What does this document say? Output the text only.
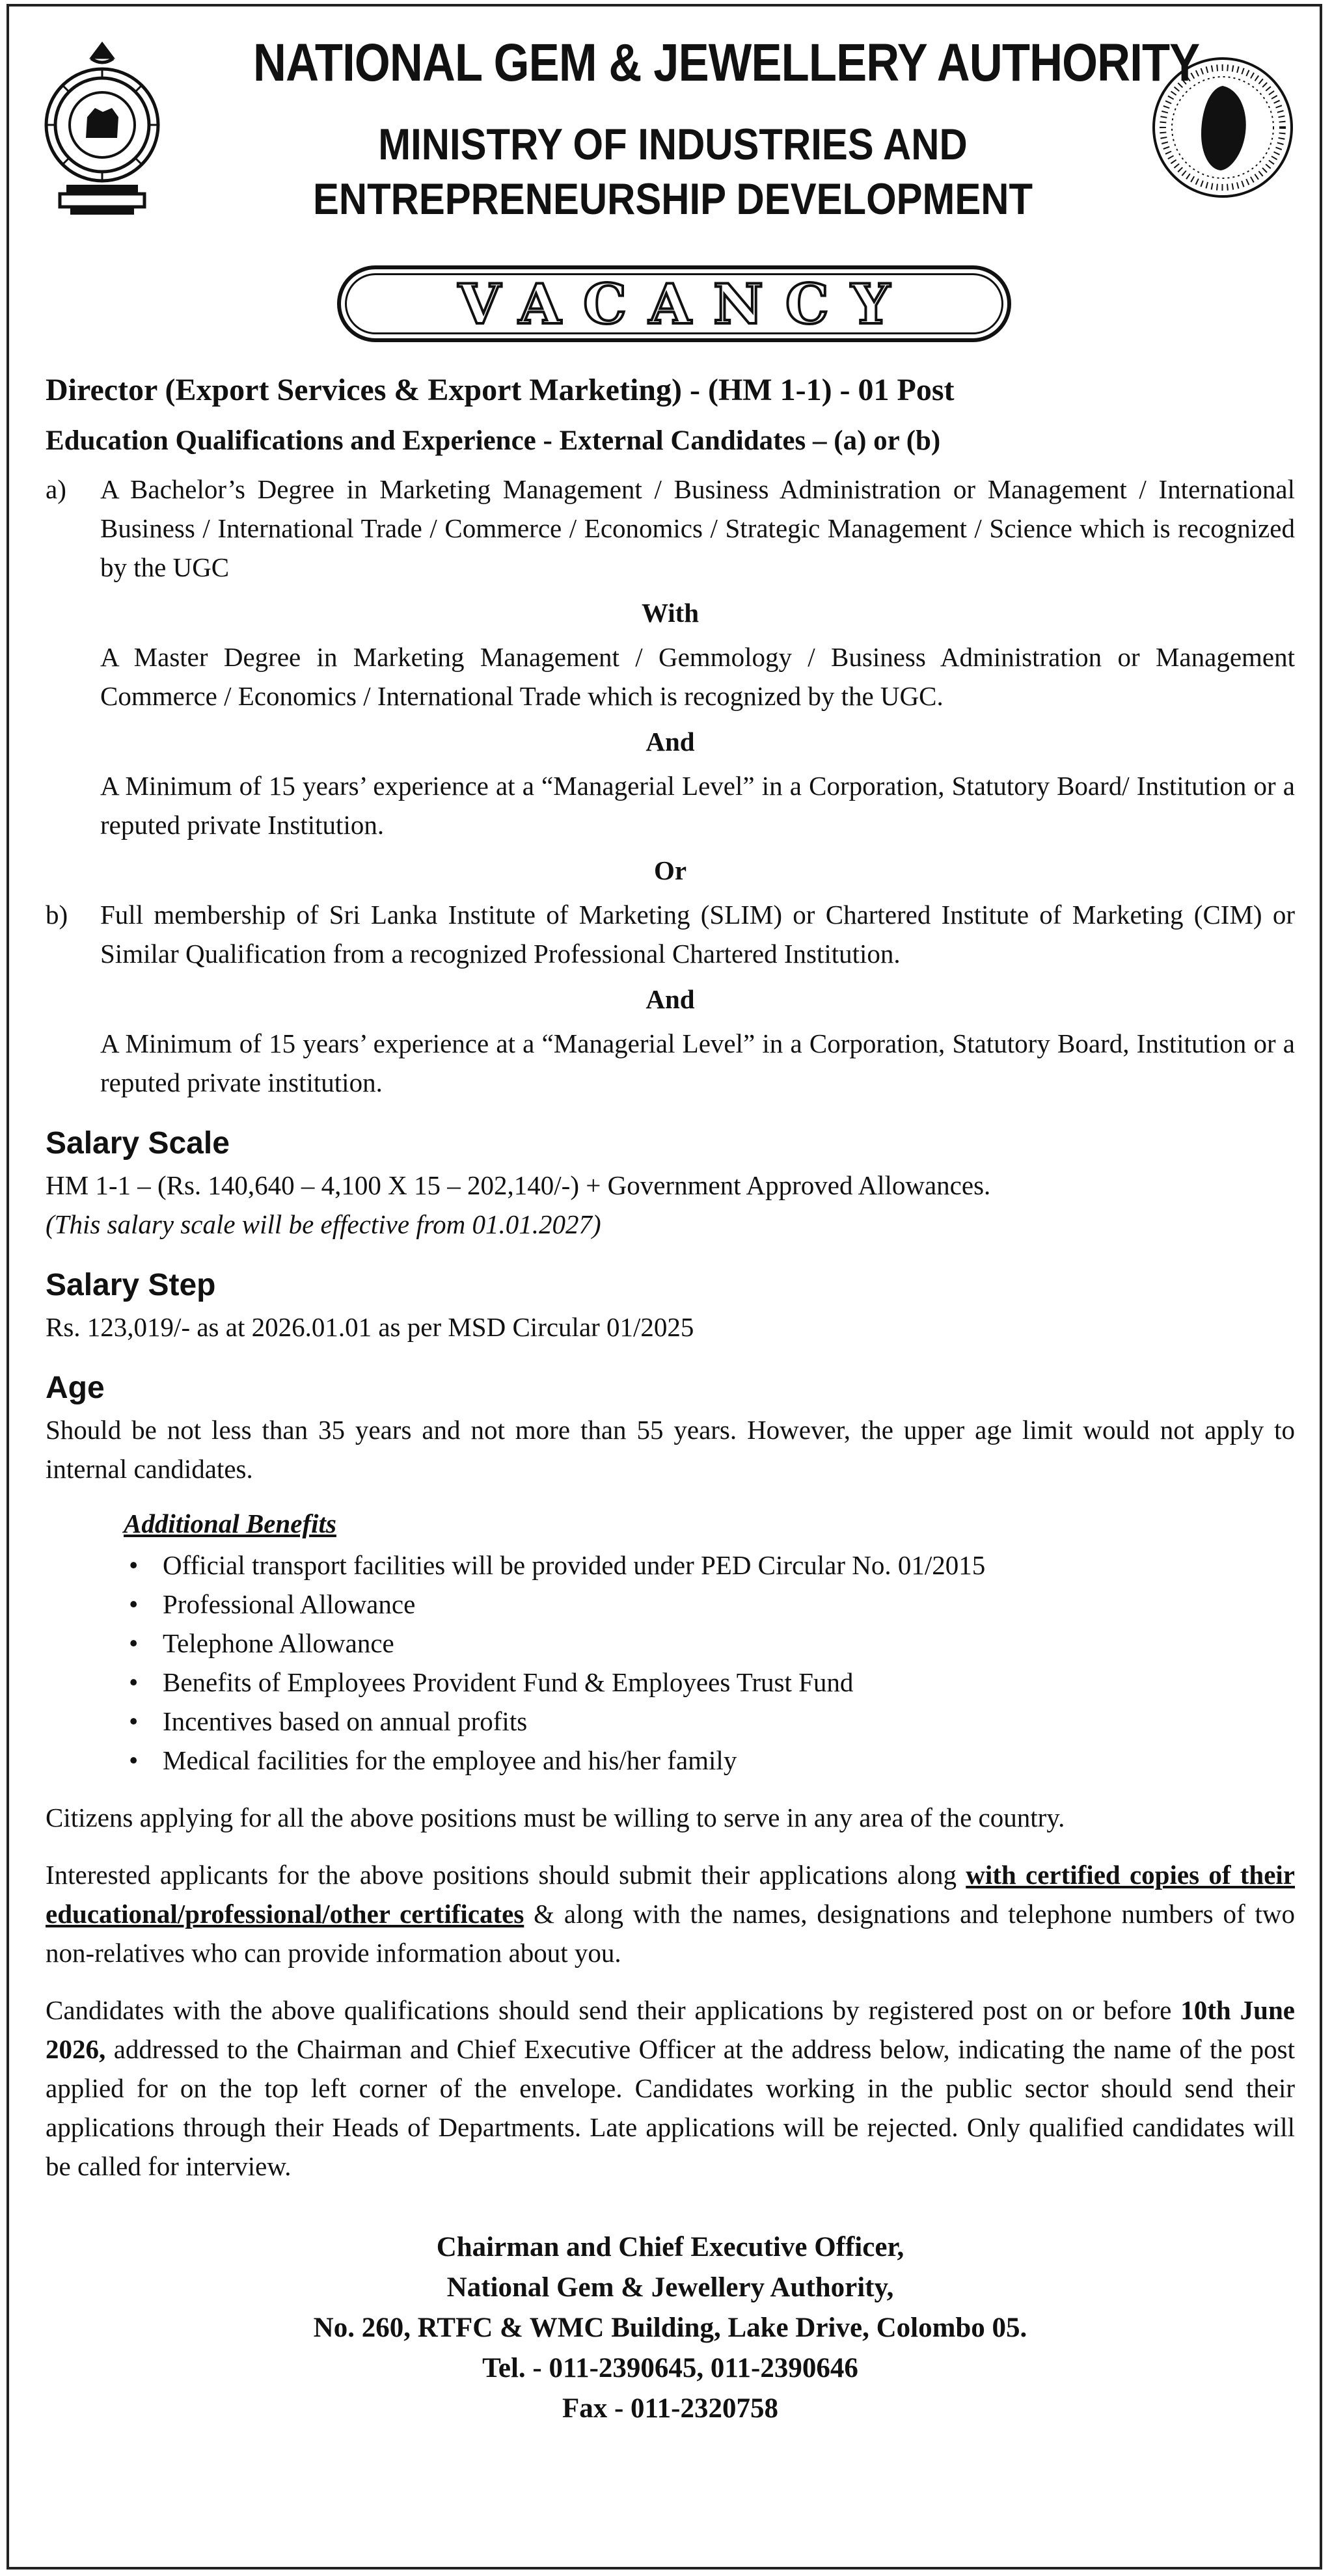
NATIONAL GEM & JEWELLERY AUTHORITY
MINISTRY OF INDUSTRIES AND
ENTREPRENEURSHIP DEVELOPMENT
VACANCY
Director (Export Services & Export Marketing) - (HM 1-1) - 01 Post
Education Qualifications and Experience - External Candidates – (a) or (b)
a)	A Bachelor’s Degree in Marketing Management / Business Administration or Management / International Business / International Trade / Commerce / Economics / Strategic Management / Science which is recognized by the UGC
With
A Master Degree in Marketing Management / Gemmology / Business Administration or Management Commerce / Economics / International Trade which is recognized by the UGC.
And
A Minimum of 15 years’ experience at a “Managerial Level” in a Corporation, Statutory Board/ Institution or a reputed private Institution.
Or
b)	Full membership of Sri Lanka Institute of Marketing (SLIM) or Chartered Institute of Marketing (CIM) or Similar Qualification from a recognized Professional Chartered Institution.
And
A Minimum of 15 years’ experience at a “Managerial Level” in a Corporation, Statutory Board, Institution or a reputed private institution.
Salary Scale
HM 1-1 – (Rs. 140,640 – 4,100 X 15 – 202,140/-) + Government Approved Allowances.
(This salary scale will be effective from 01.01.2027)
Salary Step
Rs. 123,019/- as at 2026.01.01 as per MSD Circular 01/2025
Age
Should be not less than 35 years and not more than 55 years. However, the upper age limit would not apply to internal candidates.
Additional Benefits
• Official transport facilities will be provided under PED Circular No. 01/2015
• Professional Allowance
• Telephone Allowance
• Benefits of Employees Provident Fund & Employees Trust Fund
• Incentives based on annual profits
• Medical facilities for the employee and his/her family
Citizens applying for all the above positions must be willing to serve in any area of the country.
Interested applicants for the above positions should submit their applications along with certified copies of their educational/professional/other certificates & along with the names, designations and telephone numbers of two non-relatives who can provide information about you.
Candidates with the above qualifications should send their applications by registered post on or before 10th June 2026, addressed to the Chairman and Chief Executive Officer at the address below, indicating the name of the post applied for on the top left corner of the envelope. Candidates working in the public sector should send their applications through their Heads of Departments. Late applications will be rejected. Only qualified candidates will be called for interview.
Chairman and Chief Executive Officer,
National Gem & Jewellery Authority,
No. 260, RTFC & WMC Building, Lake Drive, Colombo 05.
Tel. - 011-2390645, 011-2390646
Fax - 011-2320758
